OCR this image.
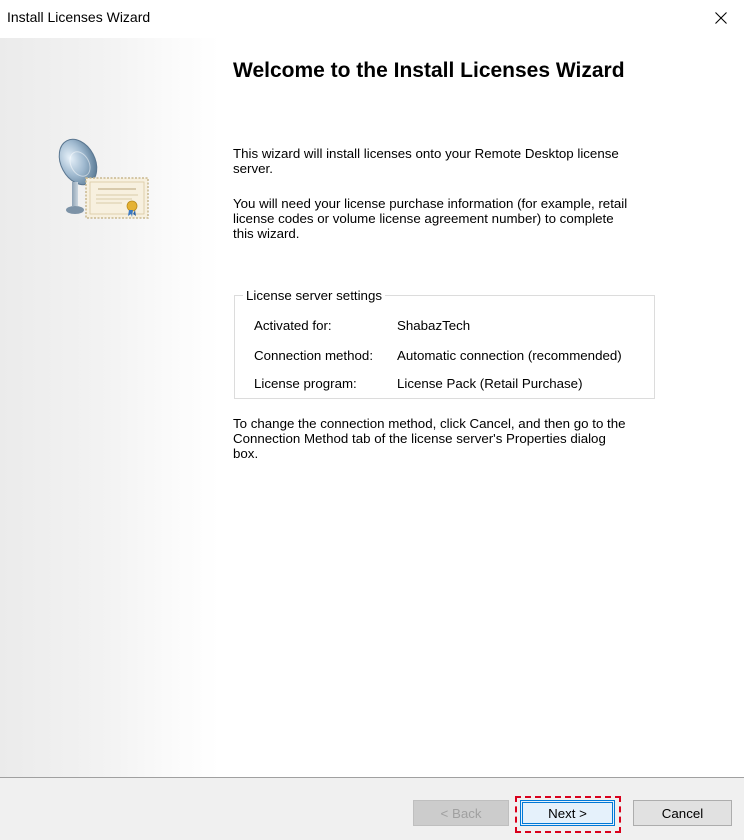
Install Licenses Wizard
Welcome to the Install Licenses Wizard

This wizard will install licenses onto your Remote Desktop license server.

You will need your license purchase information (for example, retail license codes or volume license agreement number) to complete this wizard.

License server settings
Activated for:	ShabazTech
Connection method: Automatic connection (recommended)
License program:	License Pack (Retail Purchase)

To change the connection method, click Cancel, and then go to the Connection Method tab of the license server's Properties dialog box.

< Back	Next >	Cancel
